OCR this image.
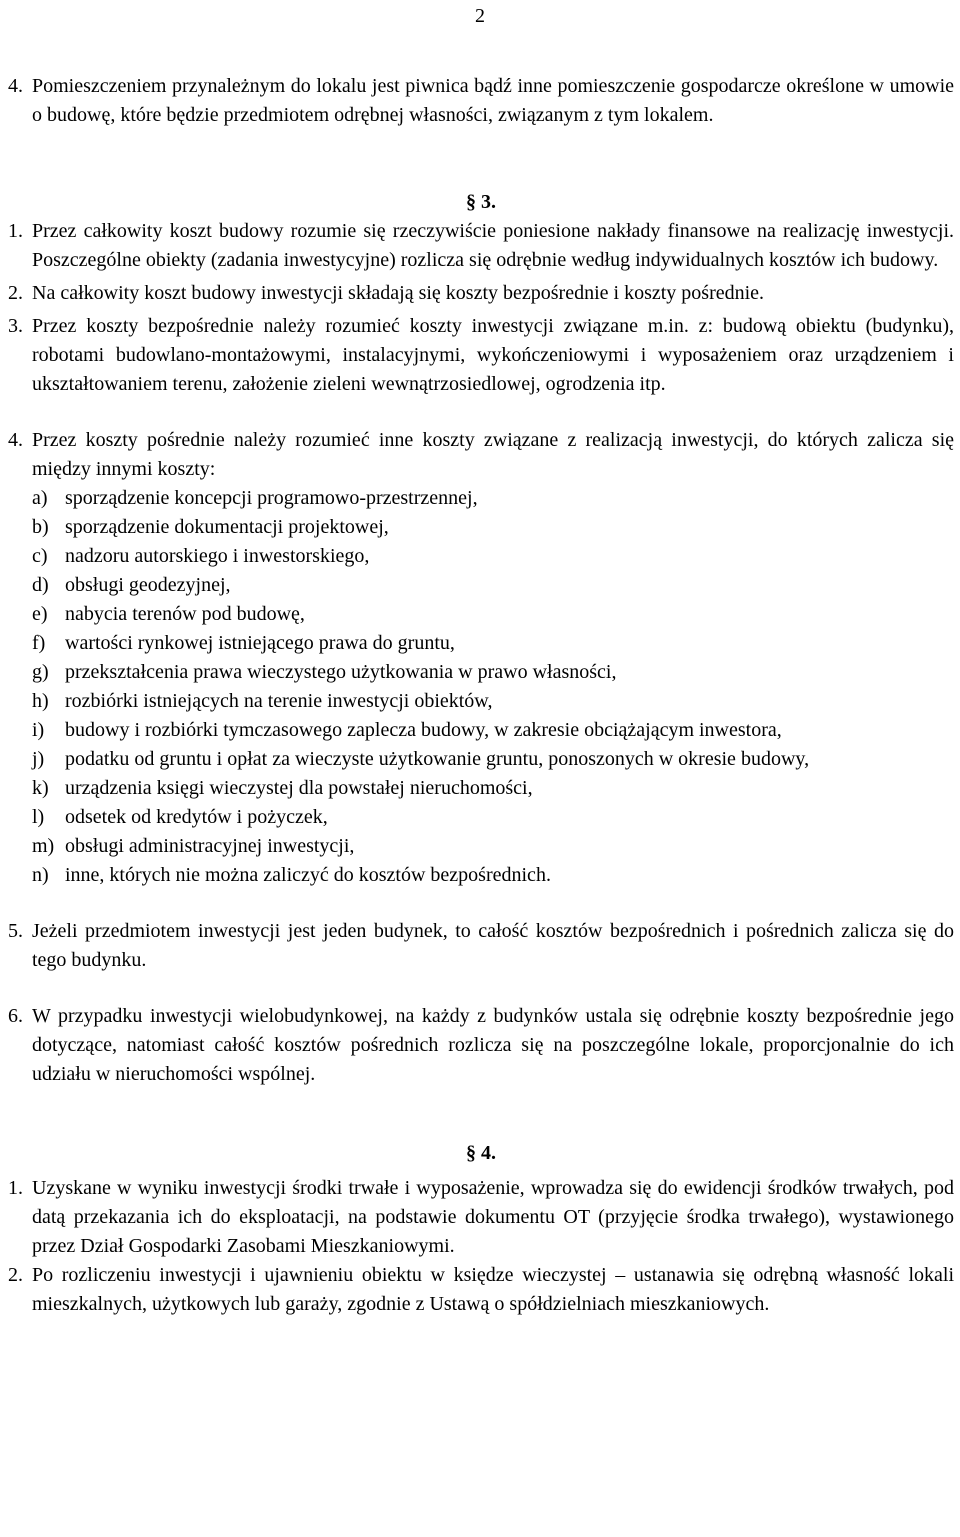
2
4. Pomieszczeniem przynależnym do lokalu jest piwnica bądź inne pomieszczenie gospodarcze określone w umowie o budowę, które będzie przedmiotem odrębnej własności, związanym z tym lokalem.
§ 3.
1. Przez całkowity koszt budowy rozumie się rzeczywiście poniesione nakłady finansowe na realizację inwestycji. Poszczególne obiekty (zadania inwestycyjne) rozlicza się odrębnie według indywidualnych kosztów ich budowy.
2. Na całkowity koszt budowy inwestycji składają się koszty bezpośrednie i koszty pośrednie.
3. Przez koszty bezpośrednie należy rozumieć koszty inwestycji związane m.in. z: budową obiektu (budynku), robotami budowlano-montażowymi, instalacyjnymi, wykończeniowymi i wyposażeniem oraz urządzeniem i ukształtowaniem terenu, założenie zieleni wewnątrzosiedlowej, ogrodzenia itp.
4. Przez koszty pośrednie należy rozumieć inne koszty związane z realizacją inwestycji, do których zalicza się między innymi koszty:
a) sporządzenie koncepcji programowo-przestrzennej,
b) sporządzenie dokumentacji projektowej,
c) nadzoru autorskiego i inwestorskiego,
d) obsługi geodezyjnej,
e) nabycia terenów pod budowę,
f) wartości rynkowej istniejącego prawa do gruntu,
g) przekształcenia prawa wieczystego użytkowania w prawo własności,
h) rozbiórki istniejących na terenie inwestycji obiektów,
i) budowy i rozbiórki tymczasowego zaplecza budowy, w zakresie obciążającym inwestora,
j) podatku od gruntu i opłat za wieczyste użytkowanie gruntu, ponoszonych w okresie budowy,
k) urządzenia księgi wieczystej dla powstałej nieruchomości,
l) odsetek od kredytów i pożyczek,
m) obsługi administracyjnej inwestycji,
n) inne, których nie można zaliczyć do kosztów bezpośrednich.
5. Jeżeli przedmiotem inwestycji jest jeden budynek, to całość kosztów bezpośrednich i pośrednich zalicza się do tego budynku.
6. W przypadku inwestycji wielobudynkowej, na każdy z budynków ustala się odrębnie koszty bezpośrednie jego dotyczące, natomiast całość kosztów pośrednich rozlicza się na poszczególne lokale, proporcjonalnie do ich udziału w nieruchomości wspólnej.
§ 4.
1. Uzyskane w wyniku inwestycji środki trwałe i wyposażenie, wprowadza się do ewidencji środków trwałych, pod datą przekazania ich do eksploatacji, na podstawie dokumentu OT (przyjęcie środka trwałego), wystawionego przez Dział Gospodarki Zasobami Mieszkaniowymi.
2. Po rozliczeniu inwestycji i ujawnieniu obiektu w księdze wieczystej – ustanawia się odrębną własność lokali mieszkalnych, użytkowych lub garaży, zgodnie z Ustawą o spółdzielniach mieszkaniowych.
